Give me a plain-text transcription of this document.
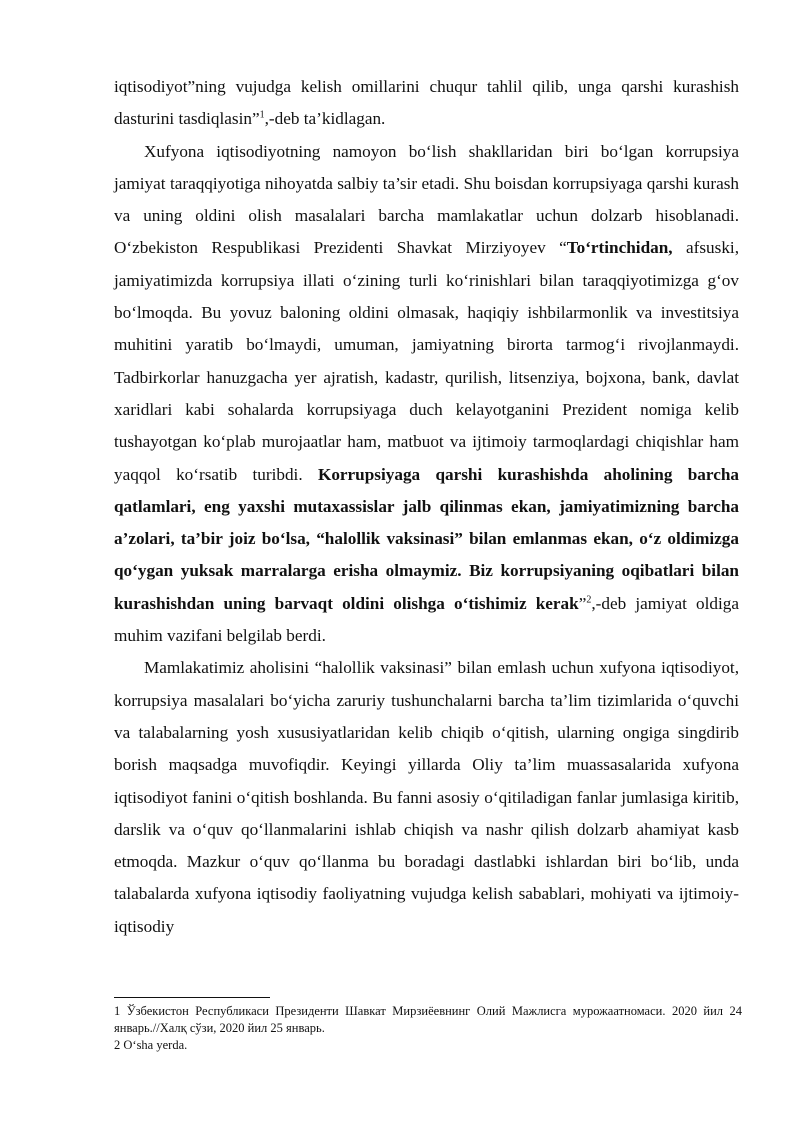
iqtisodiyot”ning vujudga kelish omillarini chuqur tahlil qilib, unga qarshi kurashish dasturini tasdiqlasin”$^1$,-deb ta’kidlagan.

Xufyona iqtisodiyotning namoyon bo‘lish shakllaridan biri bo‘lgan korrupsiya jamiyat taraqqiyotiga nihoyatda salbiy ta’sir etadi. Shu boisdan korrupsiyaga qarshi kurash va uning oldini olish masalalari barcha mamlakatlar uchun dolzarb hisoblanadi. O‘zbekiston Respublikasi Prezidenti Shavkat Mirziyoyev “To‘rtinchidan, afsuski, jamiyatimizda korrupsiya illati o‘zining turli ko‘rinishlari bilan taraqqiyotimizga g‘ov bo‘lmoqda. Bu yovuz baloning oldini olmasak, haqiqiy ishbilarmonlik va investitsiya muhitini yaratib bo‘lmaydi, umuman, jamiyatning birorta tarmog‘i rivojlanmaydi. Tadbirkorlar hanuzgacha yer ajratish, kadastr, qurilish, litsenziya, bojxona, bank, davlat xaridlari kabi sohalarda korrupsiyaga duch kelayotganini Prezident nomiga kelib tushayotgan ko‘plab murojaatlar ham, matbuot va ijtimoiy tarmoqlardagi chiqishlar ham yaqqol ko‘rsatib turibdi. Korrupsiyaga qarshi kurashishda aholining barcha qatlamlari, eng yaxshi mutaxassislar jalb qilinmas ekan, jamiyatimizning barcha a’zolari, ta’bir joiz bo‘lsa, “halollik vaksinasi” bilan emlanmas ekan, o‘z oldimizga qo‘ygan yuksak marralarga erisha olmaymiz. Biz korrupsiyaning oqibatlari bilan kurashishdan uning barvaqt oldini olishga o‘tishimiz kerak”$^2$,-deb jamiyat oldiga muhim vazifani belgilab berdi.

Mamlakatimiz aholisini “halollik vaksinasi” bilan emlash uchun xufyona iqtisodiyot, korrupsiya masalalari bo‘yicha zaruriy tushunchalarni barcha ta’lim tizimlarida o‘quvchi va talabalarning yosh xususiyatlaridan kelib chiqib o‘qitish, ularning ongiga singdirib borish maqsadga muvofiqdir. Keyingi yillarda Oliy ta’lim muassasalarida xufyona iqtisodiyot fanini o‘qitish boshlanda. Bu fanni asosiy o‘qitiladigan fanlar jumlasiga kiritib, darslik va o‘quv qo‘llanmalarini ishlab chiqish va nashr qilish dolzarb ahamiyat kasb etmoqda. Mazkur o‘quv qo‘llanma bu boradagi dastlabki ishlardan biri bo‘lib, unda talabalarda xufyona iqtisodiy faoliyatning vujudga kelish sabablari, mohiyati va ijtimoiy-iqtisodiy

1 Ўзбекистон Республикаси Президенти Шавкат Мирзиёевнинг Олий Мажлисга мурожаатномаси. 2020 йил 24 январь.//Халқ сўзи, 2020 йил 25 январь.

2 O‘sha yerda.
